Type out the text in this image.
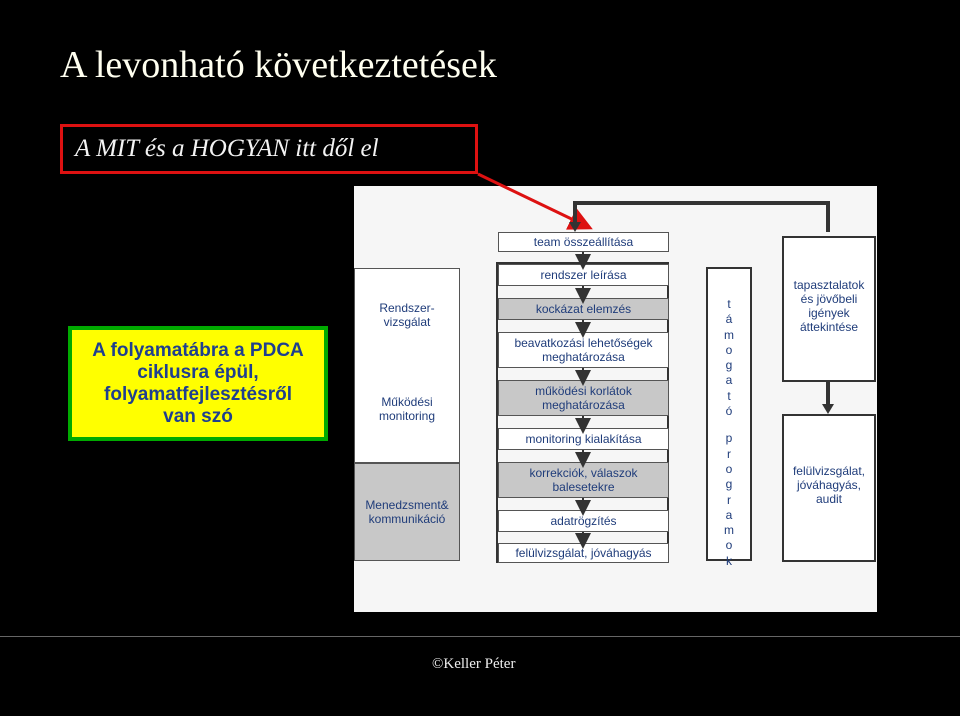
A levonható következtetések
A MIT és a HOGYAN itt dől el
A folyamatábra a PDCA
ciklusra épül,
folyamatfejlesztésről
van szó
Rendszer-
vizsgálat
Működési
monitoring
Menedzsment&
kommunikáció
team összeállítása
rendszer leírása
kockázat elemzés
beavatkozási lehetőségek
meghatározása
működési korlátok
meghatározása
monitoring kialakítása
korrekciók, válaszok
balesetekre
adatrögzítés
felülvizsgálat, jóváhagyás
t
á
m
o
g
a
t
ó
p
r
o
g
r
a
m
o
k
tapasztalatok
és jövőbeli
igények
áttekintése
felülvizsgálat,
jóváhagyás,
audit
©Keller Péter
